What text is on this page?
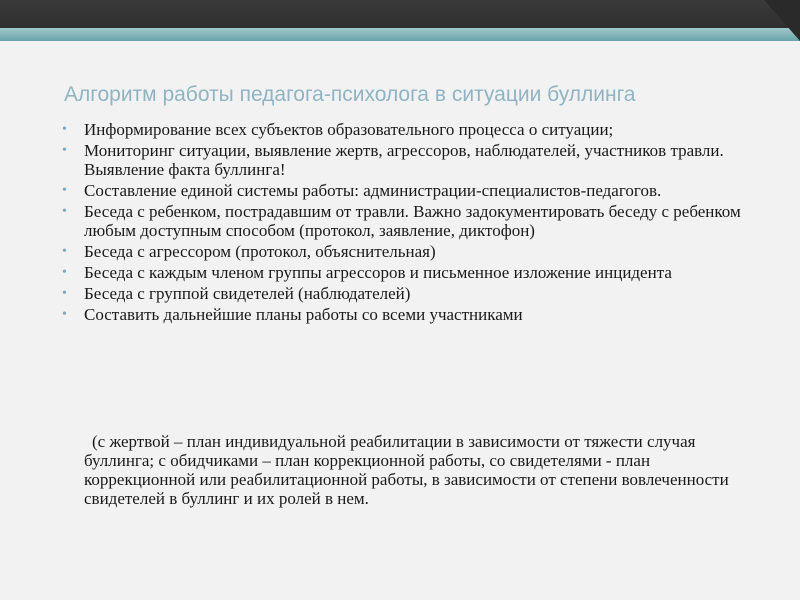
Алгоритм работы педагога-психолога в ситуации буллинга
• Информирование всех субъектов образовательного процесса о ситуации;
• Мониторинг ситуации, выявление жертв, агрессоров, наблюдателей, участников травли. Выявление факта буллинга!
• Составление единой системы работы: администрации-специалистов-педагогов.
• Беседа с ребенком, пострадавшим от травли. Важно задокументировать беседу с ребенком любым доступным способом (протокол, заявление, диктофон)
• Беседа с агрессором (протокол, объяснительная)
• Беседа с каждым членом группы агрессоров и письменное изложение инцидента
• Беседа с группой свидетелей (наблюдателей)
• Составить дальнейшие планы работы со всеми участниками

(с жертвой – план индивидуальной реабилитации в зависимости от тяжести случая буллинга; с обидчиками – план коррекционной работы, со свидетелями - план коррекционной или реабилитационной работы, в зависимости от степени вовлеченности свидетелей в буллинг и их ролей в нем.
